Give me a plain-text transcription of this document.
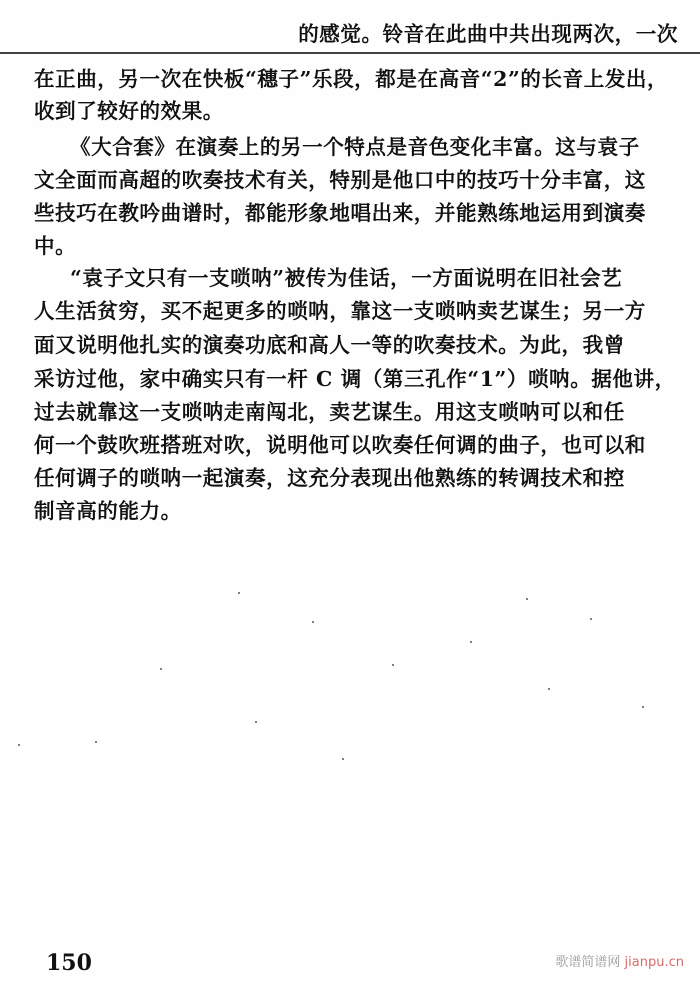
的感觉。铃音在此曲中共出现两次，一次
在正曲，另一次在快板“穗子”乐段，都是在高音“2”的长音上发出，
收到了较好的效果。
《大合套》在演奏上的另一个特点是音色变化丰富。这与袁子
文全面而高超的吹奏技术有关，特别是他口中的技巧十分丰富，这
些技巧在教吟曲谱时，都能形象地唱出来，并能熟练地运用到演奏
中。
“袁子文只有一支唢呐”被传为佳话，一方面说明在旧社会艺
人生活贫穷，买不起更多的唢呐，靠这一支唢呐卖艺谋生；另一方
面又说明他扎实的演奏功底和高人一等的吹奏技术。为此，我曾
采访过他，家中确实只有一杆 C 调（第三孔作“1”）唢呐。据他讲，
过去就靠这一支唢呐走南闯北，卖艺谋生。用这支唢呐可以和任
何一个鼓吹班搭班对吹，说明他可以吹奏任何调的曲子，也可以和
任何调子的唢呐一起演奏，这充分表现出他熟练的转调技术和控
制音高的能力。
150	歌谱简谱网 jianpu.cn
